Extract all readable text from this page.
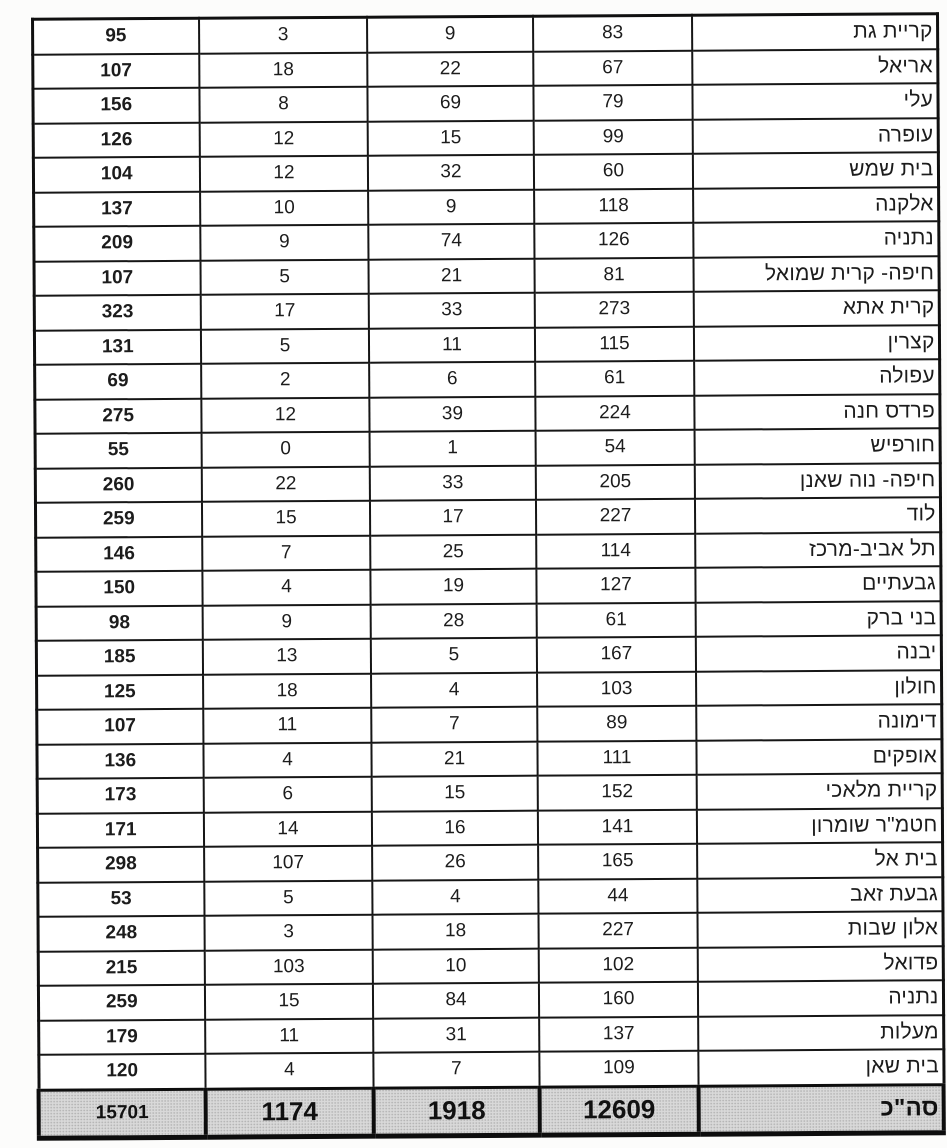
95	3	9	83	קריית גת
107	18	22	67	אריאל
156	8	69	79	עלי
126	12	15	99	עופרה
104	12	32	60	בית שמש
137	10	9	118	אלקנה
209	9	74	126	נתניה
107	5	21	81	חיפה- קרית שמואל
323	17	33	273	קרית אתא
131	5	11	115	קצרין
69	2	6	61	עפולה
275	12	39	224	פרדס חנה
55	0	1	54	חורפיש
260	22	33	205	חיפה- נוה שאנן
259	15	17	227	לוד
146	7	25	114	תל אביב-מרכז
150	4	19	127	גבעתיים
98	9	28	61	בני ברק
185	13	5	167	יבנה
125	18	4	103	חולון
107	11	7	89	דימונה
136	4	21	111	אופקים
173	6	15	152	קריית מלאכי
171	14	16	141	חטמ"ר שומרון
298	107	26	165	בית אל
53	5	4	44	גבעת זאב
248	3	18	227	אלון שבות
215	103	10	102	פדואל
259	15	84	160	נתניה
179	11	31	137	מעלות
120	4	7	109	בית שאן
15701	1174	1918	12609	סה"כ
